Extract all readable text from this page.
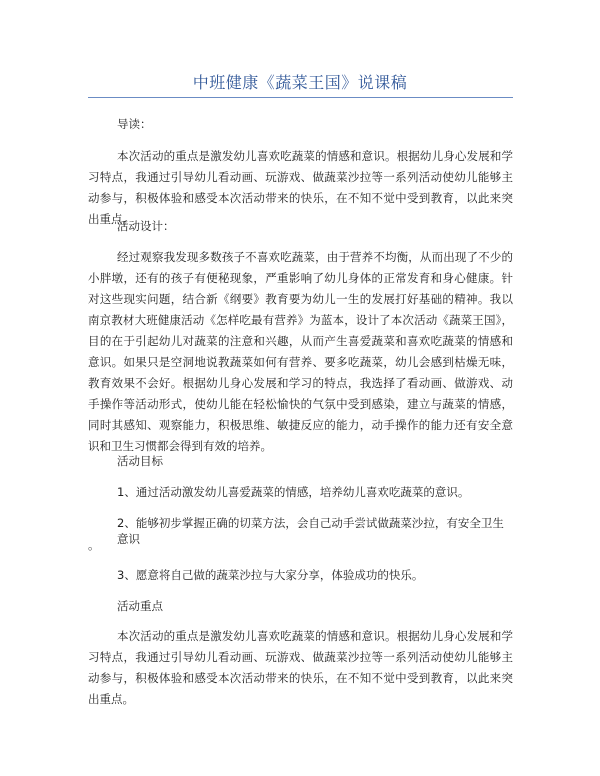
中班健康《蔬菜王国》说课稿
导读：
本次活动的重点是激发幼儿喜欢吃蔬菜的情感和意识。根据幼儿身心发展和学习特点，我通过引导幼儿看动画、玩游戏、做蔬菜沙拉等一系列活动使幼儿能够主动参与，积极体验和感受本次活动带来的快乐，在不知不觉中受到教育，以此来突出重点。
活动设计：
经过观察我发现多数孩子不喜欢吃蔬菜，由于营养不均衡，从而出现了不少的小胖墩，还有的孩子有便秘现象，严重影响了幼儿身体的正常发育和身心健康。针对这些现实问题，结合新《纲要》教育要为幼儿一生的发展打好基础的精神。我以南京教材大班健康活动《怎样吃最有营养》为蓝本，设计了本次活动《蔬菜王国》，目的在于引起幼儿对蔬菜的注意和兴趣，从而产生喜爱蔬菜和喜欢吃蔬菜的情感和意识。如果只是空洞地说教蔬菜如何有营养、要多吃蔬菜，幼儿会感到枯燥无味，教育效果不会好。根据幼儿身心发展和学习的特点，我选择了看动画、做游戏、动手操作等活动形式，使幼儿能在轻松愉快的气氛中受到感染，建立与蔬菜的情感，同时其感知、观察能力，积极思维、敏捷反应的能力，动手操作的能力还有安全意识和卫生习惯都会得到有效的培养。
活动目标
1、通过活动激发幼儿喜爱蔬菜的情感，培养幼儿喜欢吃蔬菜的意识。
2、能够初步掌握正确的切菜方法，会自己动手尝试做蔬菜沙拉，有安全卫生意识
。
3、愿意将自己做的蔬菜沙拉与大家分享，体验成功的快乐。
活动重点
本次活动的重点是激发幼儿喜欢吃蔬菜的情感和意识。根据幼儿身心发展和学习特点，我通过引导幼儿看动画、玩游戏、做蔬菜沙拉等一系列活动使幼儿能够主动参与，积极体验和感受本次活动带来的快乐，在不知不觉中受到教育，以此来突出重点。
